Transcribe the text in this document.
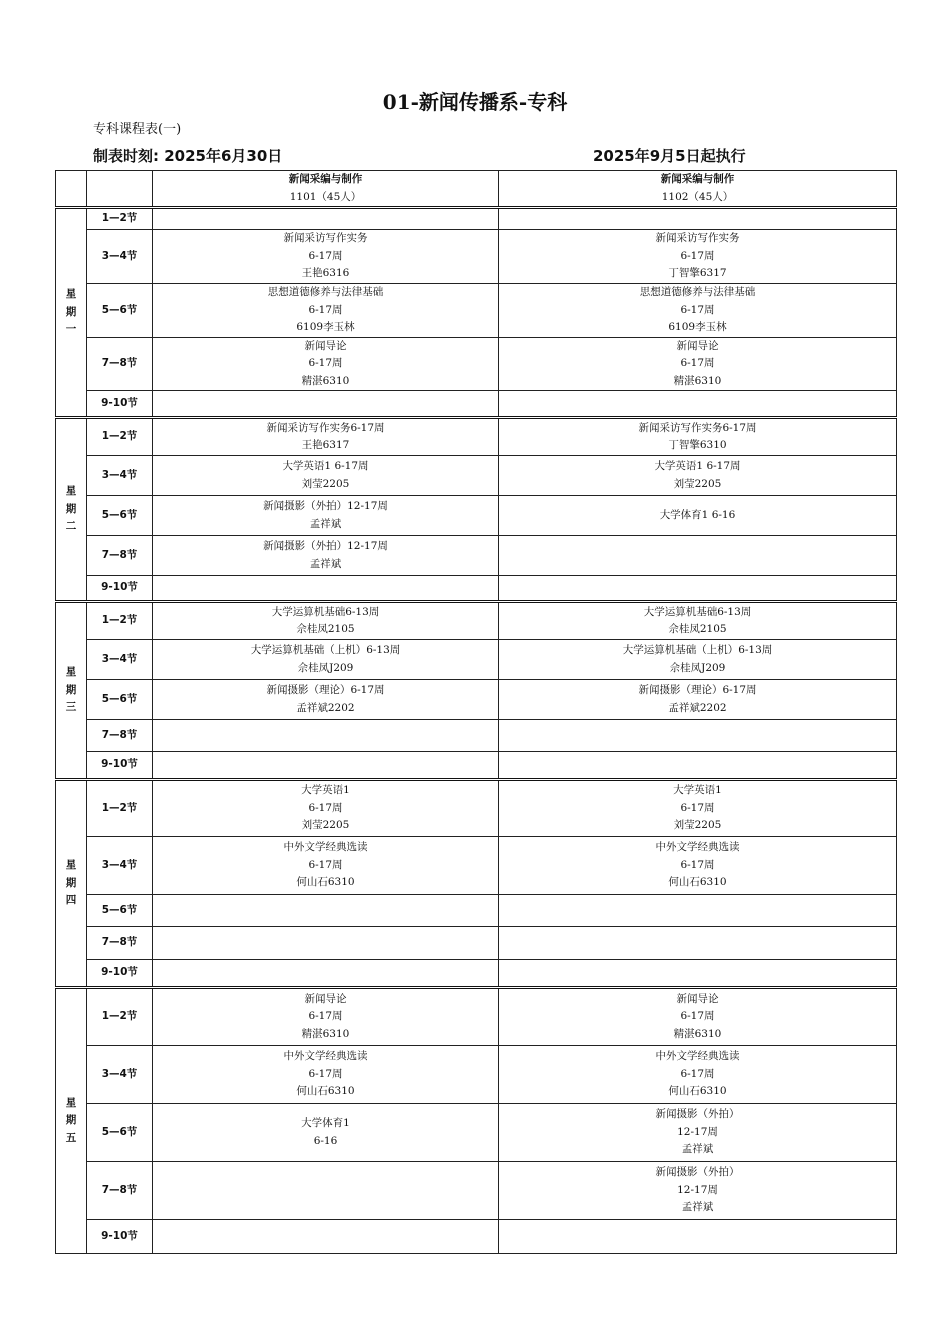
01-新闻传播系-专科
专科课程表(一)
制表时刻: 2025年6月30日	2025年9月5日起执行

		新闻采编与制作
1101（45人）	新闻采编与制作
1102（45人）

星
期
一	1—2节		
	3—4节	新闻采访写作实务
6-17周
王艳6316	新闻采访写作实务
6-17周
丁智擎6317

	5—6节	思想道德修养与法律基础
6-17周
6109李玉林	思想道德修养与法律基础
6-17周
6109李玉林

	7—8节	新闻导论
6-17周
精湛6310	新闻导论
6-17周
精湛6310

	9-10节		

星
期
二	1—2节	新闻采访写作实务6-17周
王艳6317	新闻采访写作实务6-17周
丁智擎6310

	3—4节	大学英语1 6-17周
刘莹2205	大学英语1 6-17周
刘莹2205

	5—6节	新闻摄影（外拍）12-17周
孟祥斌	大学体育1 6-16

	7—8节	新闻摄影（外拍）12-17周
孟祥斌	

	9-10节		

星
期
三	1—2节	大学运算机基础6-13周
佘桂凤2105	大学运算机基础6-13周
佘桂凤2105

	3—4节	大学运算机基础（上机）6-13周
佘桂凤J209	大学运算机基础（上机）6-13周
佘桂凤J209

	5—6节	新闻摄影（理论）6-17周
孟祥斌2202	新闻摄影（理论）6-17周
孟祥斌2202

	7—8节		
	9-10节		

星
期
四	1—2节	大学英语1
6-17周
刘莹2205	大学英语1
6-17周
刘莹2205

	3—4节	中外文学经典选读
6-17周
何山石6310	中外文学经典选读
6-17周
何山石6310

	5—6节		
	7—8节		
	9-10节		

星
期
五	1—2节	新闻导论
6-17周
精湛6310	新闻导论
6-17周
精湛6310

	3—4节	中外文学经典选读
6-17周
何山石6310	中外文学经典选读
6-17周
何山石6310

	5—6节	大学体育1
6-16	新闻摄影（外拍）
12-17周
孟祥斌

	7—8节		新闻摄影（外拍）
12-17周
孟祥斌

	9-10节		
